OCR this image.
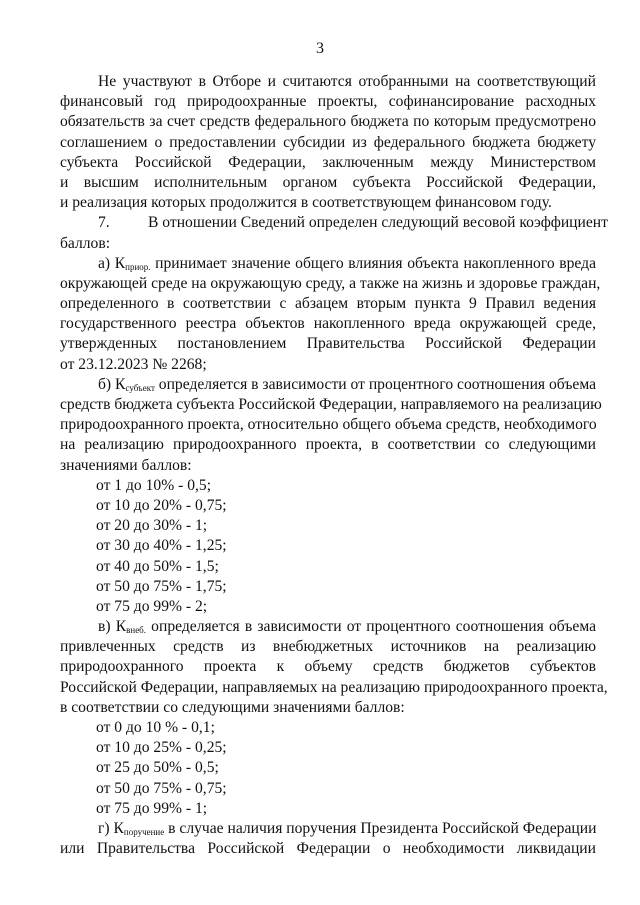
3
Не участвуют в Отборе и считаются отобранными на соответствующий
финансовый год природоохранные проекты, софинансирование расходных
обязательств за счет средств федерального бюджета по которым предусмотрено
соглашением о предоставлении субсидии из федерального бюджета бюджету
субъекта Российской Федерации, заключенным между Министерством
и высшим исполнительным органом субъекта Российской Федерации,
и реализация которых продолжится в соответствующем финансовом году.
7. В отношении Сведений определен следующий весовой коэффициент
баллов:
а) $К_{приор.}$ принимает значение общего влияния объекта накопленного вреда
окружающей среде на окружающую среду, а также на жизнь и здоровье граждан,
определенного в соответствии с абзацем вторым пункта 9 Правил ведения
государственного реестра объектов накопленного вреда окружающей среде,
утвержденных постановлением Правительства Российской Федерации
от 23.12.2023 № 2268;
б) $К_{субъект}$ определяется в зависимости от процентного соотношения объема
средств бюджета субъекта Российской Федерации, направляемого на реализацию
природоохранного проекта, относительно общего объема средств, необходимого
на реализацию природоохранного проекта, в соответствии со следующими
значениями баллов:
от 1 до 10% - 0,5;
от 10 до 20% - 0,75;
от 20 до 30% - 1;
от 30 до 40% - 1,25;
от 40 до 50% - 1,5;
от 50 до 75% - 1,75;
от 75 до 99% - 2;
в) $К_{внеб.}$ определяется в зависимости от процентного соотношения объема
привлеченных средств из внебюджетных источников на реализацию
природоохранного проекта к объему средств бюджетов субъектов
Российской Федерации, направляемых на реализацию природоохранного проекта,
в соответствии со следующими значениями баллов:
от 0 до 10 % - 0,1;
от 10 до 25% - 0,25;
от 25 до 50% - 0,5;
от 50 до 75% - 0,75;
от 75 до 99% - 1;
г) $К_{поручение}$ в случае наличия поручения Президента Российской Федерации
или Правительства Российской Федерации о необходимости ликвидации
